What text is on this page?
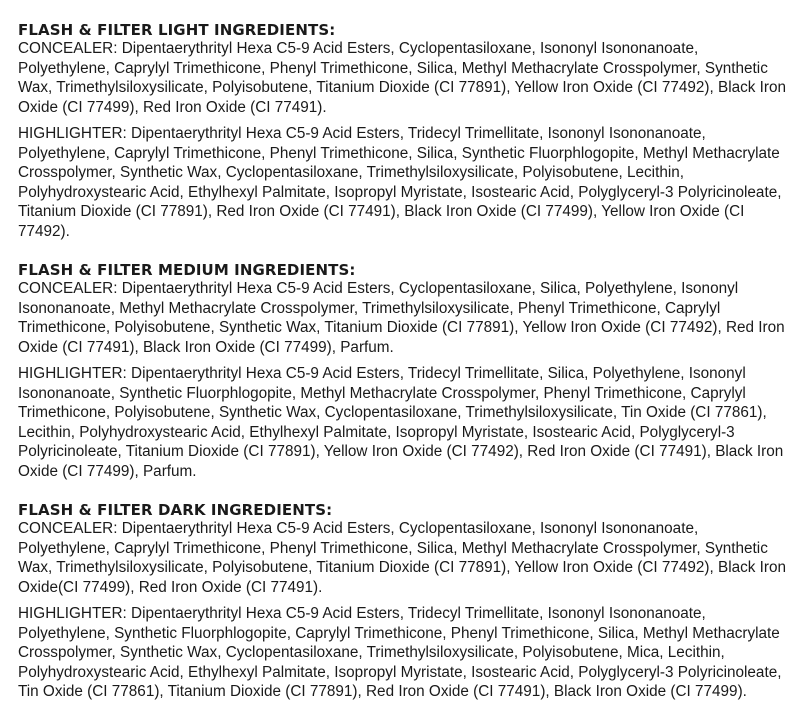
FLASH & FILTER LIGHT INGREDIENTS:

CONCEALER: Dipentaerythrityl Hexa C5-9 Acid Esters, Cyclopentasiloxane, Isononyl Isononanoate, Polyethylene, Caprylyl Trimethicone, Phenyl Trimethicone, Silica, Methyl Methacrylate Crosspolymer, Synthetic Wax, Trimethylsiloxysilicate, Polyisobutene, Titanium Dioxide (CI 77891), Yellow Iron Oxide (CI 77492), Black Iron Oxide (CI 77499), Red Iron Oxide (CI 77491).

HIGHLIGHTER: Dipentaerythrityl Hexa C5-9 Acid Esters, Tridecyl Trimellitate, Isononyl Isononanoate, Polyethylene, Caprylyl Trimethicone, Phenyl Trimethicone, Silica, Synthetic Fluorphlogopite, Methyl Methacrylate Crosspolymer, Synthetic Wax, Cyclopentasiloxane, Trimethylsiloxysilicate, Polyisobutene, Lecithin, Polyhydroxystearic Acid, Ethylhexyl Palmitate, Isopropyl Myristate, Isostearic Acid, Polyglyceryl-3 Polyricinoleate, Titanium Dioxide (CI 77891), Red Iron Oxide (CI 77491), Black Iron Oxide (CI 77499), Yellow Iron Oxide (CI 77492).

FLASH & FILTER MEDIUM INGREDIENTS:

CONCEALER: Dipentaerythrityl Hexa C5-9 Acid Esters, Cyclopentasiloxane, Silica, Polyethylene, Isononyl Isononanoate, Methyl Methacrylate Crosspolymer, Trimethylsiloxysilicate, Phenyl Trimethicone, Caprylyl Trimethicone, Polyisobutene, Synthetic Wax, Titanium Dioxide (CI 77891), Yellow Iron Oxide (CI 77492), Red Iron Oxide (CI 77491), Black Iron Oxide (CI 77499), Parfum.

HIGHLIGHTER: Dipentaerythrityl Hexa C5-9 Acid Esters, Tridecyl Trimellitate, Silica, Polyethylene, Isononyl Isononanoate, Synthetic Fluorphlogopite, Methyl Methacrylate Crosspolymer, Phenyl Trimethicone, Caprylyl Trimethicone, Polyisobutene, Synthetic Wax, Cyclopentasiloxane, Trimethylsiloxysilicate, Tin Oxide (CI 77861), Lecithin, Polyhydroxystearic Acid, Ethylhexyl Palmitate, Isopropyl Myristate, Isostearic Acid, Polyglyceryl-3 Polyricinoleate, Titanium Dioxide (CI 77891), Yellow Iron Oxide (CI 77492), Red Iron Oxide (CI 77491), Black Iron Oxide (CI 77499), Parfum.

FLASH & FILTER DARK INGREDIENTS:

CONCEALER: Dipentaerythrityl Hexa C5-9 Acid Esters, Cyclopentasiloxane, Isononyl Isononanoate, Polyethylene, Caprylyl Trimethicone, Phenyl Trimethicone, Silica, Methyl Methacrylate Crosspolymer, Synthetic Wax, Trimethylsiloxysilicate, Polyisobutene, Titanium Dioxide (CI 77891), Yellow Iron Oxide (CI 77492), Black Iron Oxide(CI 77499), Red Iron Oxide (CI 77491).

HIGHLIGHTER: Dipentaerythrityl Hexa C5-9 Acid Esters, Tridecyl Trimellitate, Isononyl Isononanoate, Polyethylene, Synthetic Fluorphlogopite, Caprylyl Trimethicone, Phenyl Trimethicone, Silica, Methyl Methacrylate Crosspolymer, Synthetic Wax, Cyclopentasiloxane, Trimethylsiloxysilicate, Polyisobutene, Mica, Lecithin, Polyhydroxystearic Acid, Ethylhexyl Palmitate, Isopropyl Myristate, Isostearic Acid, Polyglyceryl-3 Polyricinoleate, Tin Oxide (CI 77861), Titanium Dioxide (CI 77891), Red Iron Oxide (CI 77491), Black Iron Oxide (CI 77499).
